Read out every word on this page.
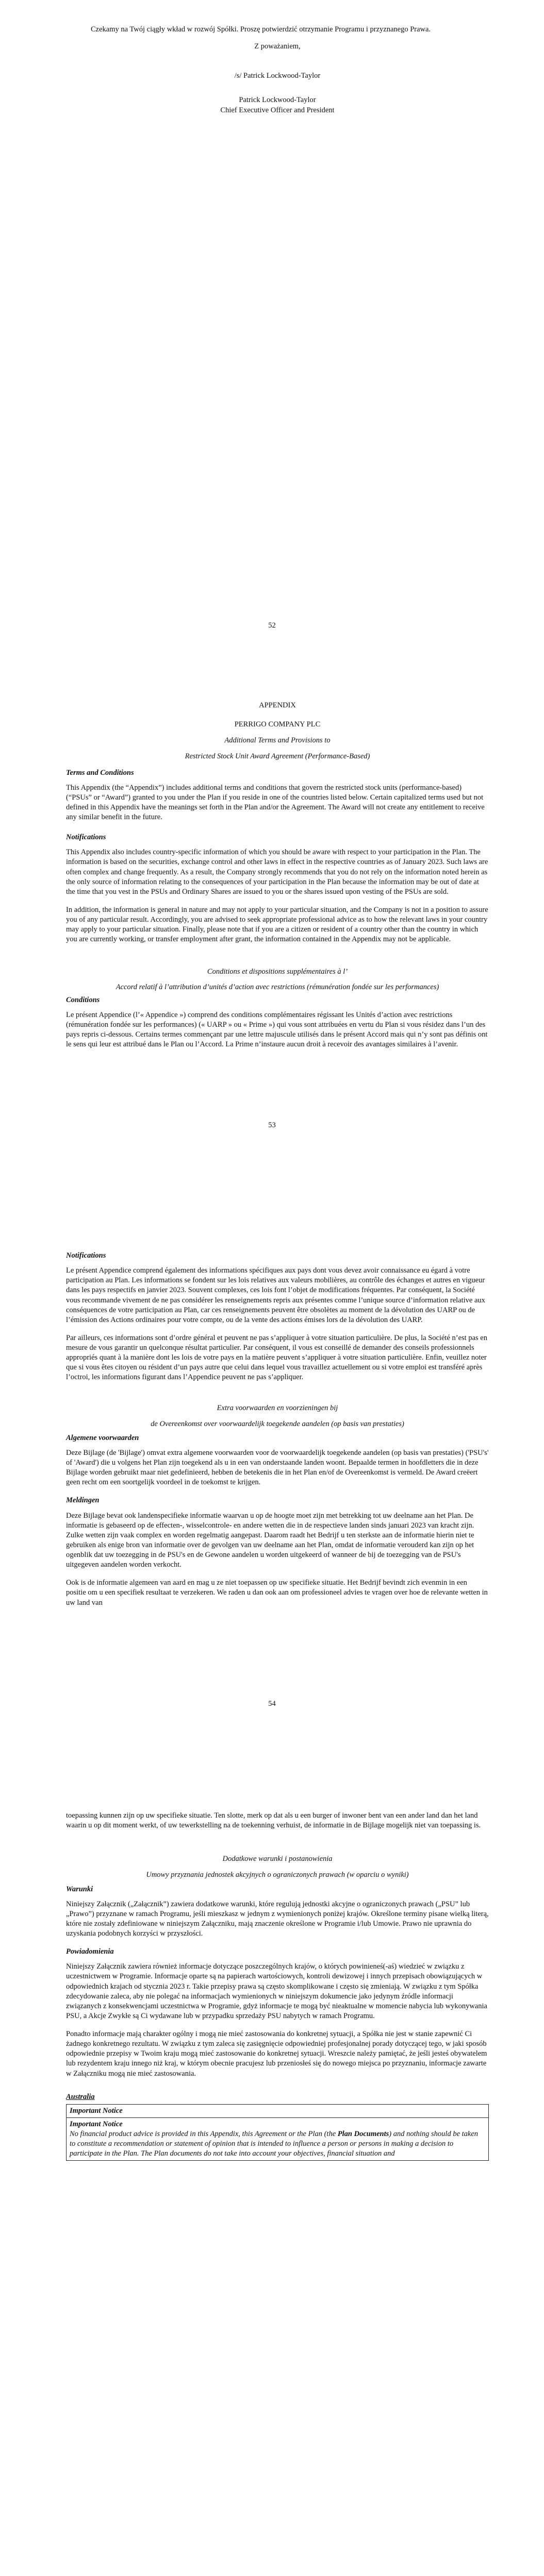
Czekamy na Twój ciągły wkład w rozwój Spółki. Proszę potwierdzić otrzymanie Programu i przyznanego Prawa.

Z poważaniem,

/s/ Patrick Lockwood-Taylor

Patrick Lockwood-Taylor

Chief Executive Officer and President

52

APPENDIX

PERRIGO COMPANY PLC

Additional Terms and Provisions to

Restricted Stock Unit Award Agreement (Performance-Based)

Terms and Conditions

This Appendix (the “Appendix”) includes additional terms and conditions that govern the restricted stock units (performance-based) (“PSUs” or “Award”) granted to you under the Plan if you reside in one of the countries listed below. Certain capitalized terms used but not defined in this Appendix have the meanings set forth in the Plan and/or the Agreement. The Award will not create any entitlement to receive any similar benefit in the future.

Notifications

This Appendix also includes country-specific information of which you should be aware with respect to your participation in the Plan. The information is based on the securities, exchange control and other laws in effect in the respective countries as of January 2023. Such laws are often complex and change frequently. As a result, the Company strongly recommends that you do not rely on the information noted herein as the only source of information relating to the consequences of your participation in the Plan because the information may be out of date at the time that you vest in the PSUs and Ordinary Shares are issued to you or the shares issued upon vesting of the PSUs are sold.

In addition, the information is general in nature and may not apply to your particular situation, and the Company is not in a position to assure you of any particular result. Accordingly, you are advised to seek appropriate professional advice as to how the relevant laws in your country may apply to your particular situation. Finally, please note that if you are a citizen or resident of a country other than the country in which you are currently working, or transfer employment after grant, the information contained in the Appendix may not be applicable.

Conditions et dispositions supplémentaires à l’

Accord relatif à l’attribution d’unités d’action avec restrictions (rémunération fondée sur les performances)

Conditions

Le présent Appendice (l’« Appendice ») comprend des conditions complémentaires régissant les Unités d’action avec restrictions (rémunération fondée sur les performances) (« UARP » ou « Prime ») qui vous sont attribuées en vertu du Plan si vous résidez dans l’un des pays repris ci-dessous. Certains termes commençant par une lettre majuscule utilisés dans le présent Accord mais qui n’y sont pas définis ont le sens qui leur est attribué dans le Plan ou l’Accord. La Prime n’instaure aucun droit à recevoir des avantages similaires à l’avenir.

53

Notifications

Le présent Appendice comprend également des informations spécifiques aux pays dont vous devez avoir connaissance eu égard à votre participation au Plan. Les informations se fondent sur les lois relatives aux valeurs mobilières, au contrôle des échanges et autres en vigueur dans les pays respectifs en janvier 2023. Souvent complexes, ces lois font l’objet de modifications fréquentes. Par conséquent, la Société vous recommande vivement de ne pas considérer les renseignements repris aux présentes comme l’unique source d’information relative aux conséquences de votre participation au Plan, car ces renseignements peuvent être obsolètes au moment de la dévolution des UARP ou de l’émission des Actions ordinaires pour votre compte, ou de la vente des actions émises lors de la dévolution des UARP.

Par ailleurs, ces informations sont d’ordre général et peuvent ne pas s’appliquer à votre situation particulière. De plus, la Société n’est pas en mesure de vous garantir un quelconque résultat particulier. Par conséquent, il vous est conseillé de demander des conseils professionnels appropriés quant à la manière dont les lois de votre pays en la matière peuvent s’appliquer à votre situation particulière. Enfin, veuillez noter que si vous êtes citoyen ou résident d’un pays autre que celui dans lequel vous travaillez actuellement ou si votre emploi est transféré après l’octroi, les informations figurant dans l’Appendice peuvent ne pas s’appliquer.

Extra voorwaarden en voorzieningen bij

de Overeenkomst over voorwaardelijk toegekende aandelen (op basis van prestaties)

Algemene voorwaarden

Deze Bijlage (de 'Bijlage') omvat extra algemene voorwaarden voor de voorwaardelijk toegekende aandelen (op basis van prestaties) ('PSU's' of 'Award') die u volgens het Plan zijn toegekend als u in een van onderstaande landen woont. Bepaalde termen in hoofdletters die in deze Bijlage worden gebruikt maar niet gedefinieerd, hebben de betekenis die in het Plan en/of de Overeenkomst is vermeld. De Award creëert geen recht om een soortgelijk voordeel in de toekomst te krijgen.

Meldingen

Deze Bijlage bevat ook landenspecifieke informatie waarvan u op de hoogte moet zijn met betrekking tot uw deelname aan het Plan. De informatie is gebaseerd op de effecten-, wisselcontrole- en andere wetten die in de respectieve landen sinds januari 2023 van kracht zijn. Zulke wetten zijn vaak complex en worden regelmatig aangepast. Daarom raadt het Bedrijf u ten sterkste aan de informatie hierin niet te gebruiken als enige bron van informatie over de gevolgen van uw deelname aan het Plan, omdat de informatie verouderd kan zijn op het ogenblik dat uw toezegging in de PSU's en de Gewone aandelen u worden uitgekeerd of wanneer de bij de toezegging van de PSU's uitgegeven aandelen worden verkocht.

Ook is de informatie algemeen van aard en mag u ze niet toepassen op uw specifieke situatie. Het Bedrijf bevindt zich evenmin in een positie om u een specifiek resultaat te verzekeren. We raden u dan ook aan om professioneel advies te vragen over hoe de relevante wetten in uw land van

54

toepassing kunnen zijn op uw specifieke situatie. Ten slotte, merk op dat als u een burger of inwoner bent van een ander land dan het land waarin u op dit moment werkt, of uw tewerkstelling na de toekenning verhuist, de informatie in de Bijlage mogelijk niet van toepassing is.

Dodatkowe warunki i postanowienia

Umowy przyznania jednostek akcyjnych o ograniczonych prawach (w oparciu o wyniki)

Warunki

Niniejszy Załącznik („Załącznik”) zawiera dodatkowe warunki, które regulują jednostki akcyjne o ograniczonych prawach („PSU” lub „Prawo”) przyznane w ramach Programu, jeśli mieszkasz w jednym z wymienionych poniżej krajów. Określone terminy pisane wielką literą, które nie zostały zdefiniowane w niniejszym Załączniku, mają znaczenie określone w Programie i/lub Umowie. Prawo nie uprawnia do uzyskania podobnych korzyści w przyszłości.

Powiadomienia

Niniejszy Załącznik zawiera również informacje dotyczące poszczególnych krajów, o których powinieneś(-aś) wiedzieć w związku z uczestnictwem w Programie. Informacje oparte są na papierach wartościowych, kontroli dewizowej i innych przepisach obowiązujących w odpowiednich krajach od stycznia 2023 r. Takie przepisy prawa są często skomplikowane i często się zmieniają. W związku z tym Spółka zdecydowanie zaleca, aby nie polegać na informacjach wymienionych w niniejszym dokumencie jako jedynym źródle informacji związanych z konsekwencjami uczestnictwa w Programie, gdyż informacje te mogą być nieaktualne w momencie nabycia lub wykonywania PSU, a Akcje Zwykłe są Ci wydawane lub w przypadku sprzedaży PSU nabytych w ramach Programu.

Ponadto informacje mają charakter ogólny i mogą nie mieć zastosowania do konkretnej sytuacji, a Spółka nie jest w stanie zapewnić Ci żadnego konkretnego rezultatu. W związku z tym zaleca się zasięgnięcie odpowiedniej profesjonalnej porady dotyczącej tego, w jaki sposób odpowiednie przepisy w Twoim kraju mogą mieć zastosowanie do konkretnej sytuacji. Wreszcie należy pamiętać, że jeśli jesteś obywatelem lub rezydentem kraju innego niż kraj, w którym obecnie pracujesz lub przeniosłeś się do nowego miejsca po przyznaniu, informacje zawarte w Załączniku mogą nie mieć zastosowania.

Australia

Important Notice

Important Notice
No financial product advice is provided in this Appendix, this Agreement or the Plan (the Plan Documents) and nothing should be taken to constitute a recommendation or statement of opinion that is intended to influence a person or persons in making a decision to participate in the Plan. The Plan documents do not take into account your objectives, financial situation and
